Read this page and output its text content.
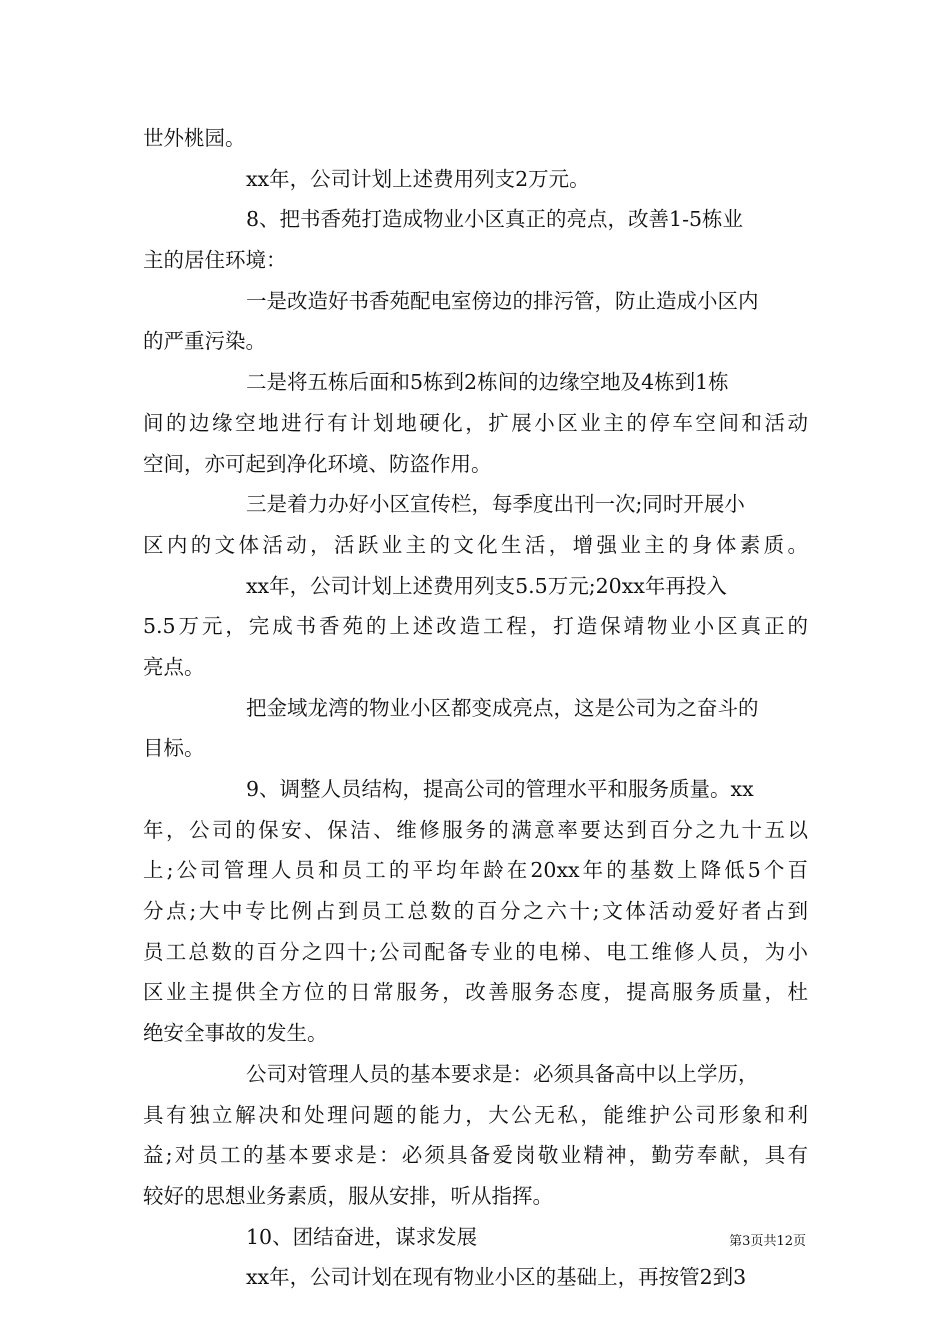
世外桃园。
xx年，公司计划上述费用列支2万元。
8、把书香苑打造成物业小区真正的亮点，改善1-5栋业
主的居住环境：
一是改造好书香苑配电室傍边的排污管，防止造成小区内
的严重污染。
二是将五栋后面和5栋到2栋间的边缘空地及4栋到1栋
间的边缘空地进行有计划地硬化，扩展小区业主的停车空间和活动
空间，亦可起到净化环境、防盗作用。
三是着力办好小区宣传栏，每季度出刊一次;同时开展小
区内的文体活动，活跃业主的文化生活，增强业主的身体素质。
xx年，公司计划上述费用列支5.5万元;20xx年再投入
5.5万元，完成书香苑的上述改造工程，打造保靖物业小区真正的
亮点。
把金域龙湾的物业小区都变成亮点，这是公司为之奋斗的
目标。
9、调整人员结构，提高公司的管理水平和服务质量。xx
年，公司的保安、保洁、维修服务的满意率要达到百分之九十五以
上;公司管理人员和员工的平均年龄在20xx年的基数上降低5个百
分点;大中专比例占到员工总数的百分之六十;文体活动爱好者占到
员工总数的百分之四十;公司配备专业的电梯、电工维修人员，为小
区业主提供全方位的日常服务，改善服务态度，提高服务质量，杜
绝安全事故的发生。
公司对管理人员的基本要求是：必须具备高中以上学历，
具有独立解决和处理问题的能力，大公无私，能维护公司形象和利
益;对员工的基本要求是：必须具备爱岗敬业精神，勤劳奉献，具有
较好的思想业务素质，服从安排，听从指挥。
10、团结奋进，谋求发展
xx年，公司计划在现有物业小区的基础上，再按管2到3
第3页共12页
